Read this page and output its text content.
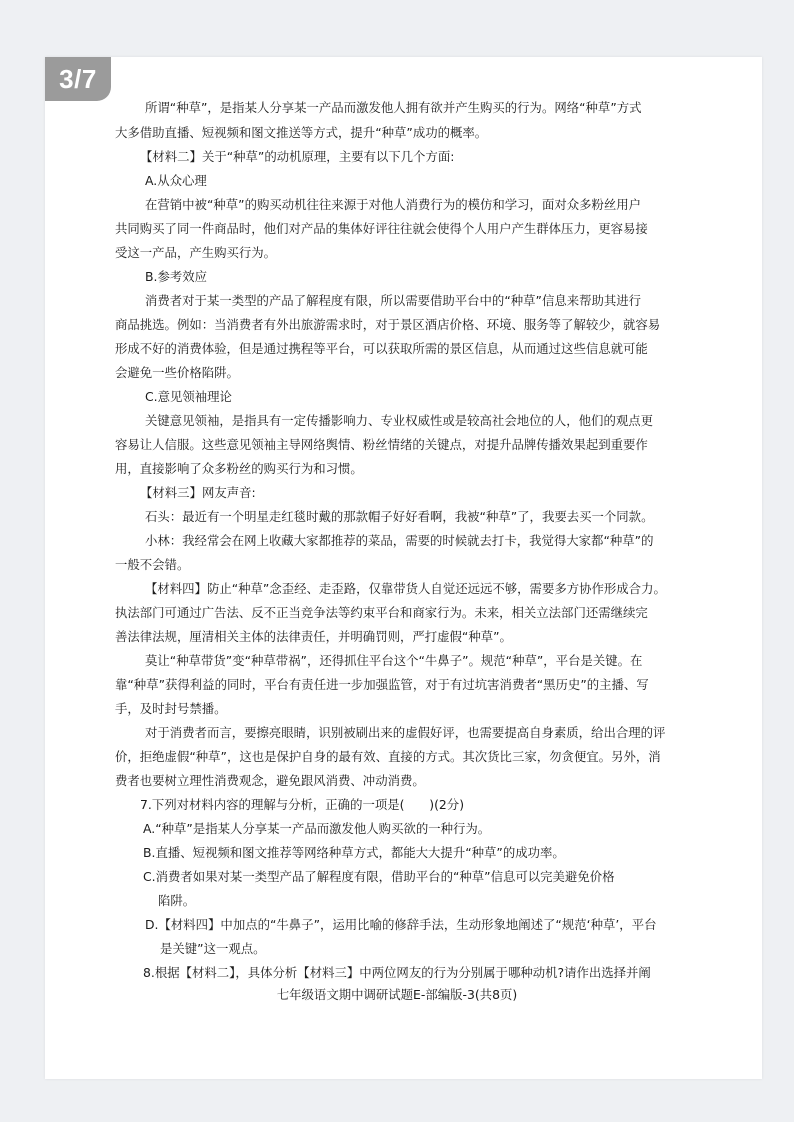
3/7
所谓“种草”，是指某人分享某一产品而激发他人拥有欲并产生购买的行为。网络“种草”方式
大多借助直播、短视频和图文推送等方式，提升“种草”成功的概率。
【材料二】关于“种草”的动机原理，主要有以下几个方面:
A.从众心理
在营销中被“种草”的购买动机往往来源于对他人消费行为的模仿和学习，面对众多粉丝用户
共同购买了同一件商品时，他们对产品的集体好评往往就会使得个人用户产生群体压力，更容易接
受这一产品，产生购买行为。
B.参考效应
消费者对于某一类型的产品了解程度有限，所以需要借助平台中的“种草”信息来帮助其进行
商品挑选。例如：当消费者有外出旅游需求时，对于景区酒店价格、环境、服务等了解较少，就容易
形成不好的消费体验，但是通过携程等平台，可以获取所需的景区信息，从而通过这些信息就可能
会避免一些价格陷阱。
C.意见领袖理论
关键意见领袖，是指具有一定传播影响力、专业权威性或是较高社会地位的人，他们的观点更
容易让人信服。这些意见领袖主导网络舆情、粉丝情绪的关键点，对提升品牌传播效果起到重要作
用，直接影响了众多粉丝的购买行为和习惯。
【材料三】网友声音:
石头：最近有一个明星走红毯时戴的那款帽子好好看啊，我被“种草”了，我要去买一个同款。
小林：我经常会在网上收藏大家都推荐的菜品，需要的时候就去打卡，我觉得大家都“种草”的
一般不会错。
【材料四】防止“种草”念歪经、走歪路，仅靠带货人自觉还远远不够，需要多方协作形成合力。
执法部门可通过广告法、反不正当竞争法等约束平台和商家行为。未来，相关立法部门还需继续完
善法律法规，厘清相关主体的法律责任，并明确罚则，严打虚假“种草”。
莫让“种草带货”变“种草带祸”，还得抓住平台这个“牛鼻子”。规范“种草”，平台是关键。在
靠“种草”获得利益的同时，平台有责任进一步加强监管，对于有过坑害消费者“黑历史”的主播、写
手，及时封号禁播。
对于消费者而言，要擦亮眼睛，识别被刷出来的虚假好评，也需要提高自身素质，给出合理的评
价，拒绝虚假“种草”，这也是保护自身的最有效、直接的方式。其次货比三家，勿贪便宜。另外，消
费者也要树立理性消费观念，避免跟风消费、冲动消费。
7.下列对材料内容的理解与分析，正确的一项是(　　)(2分)
A.“种草”是指某人分享某一产品而激发他人购买欲的一种行为。
B.直播、短视频和图文推荐等网络种草方式，都能大大提升“种草”的成功率。
C.消费者如果对某一类型产品了解程度有限，借助平台的“种草”信息可以完美避免价格
陷阱。
D.【材料四】中加点的“牛鼻子”，运用比喻的修辞手法，生动形象地阐述了“规范‘种草’，平台
是关键”这一观点。
8.根据【材料二】，具体分析【材料三】中两位网友的行为分别属于哪种动机?请作出选择并阐
七年级语文期中调研试题E-部编版-3(共8页)
